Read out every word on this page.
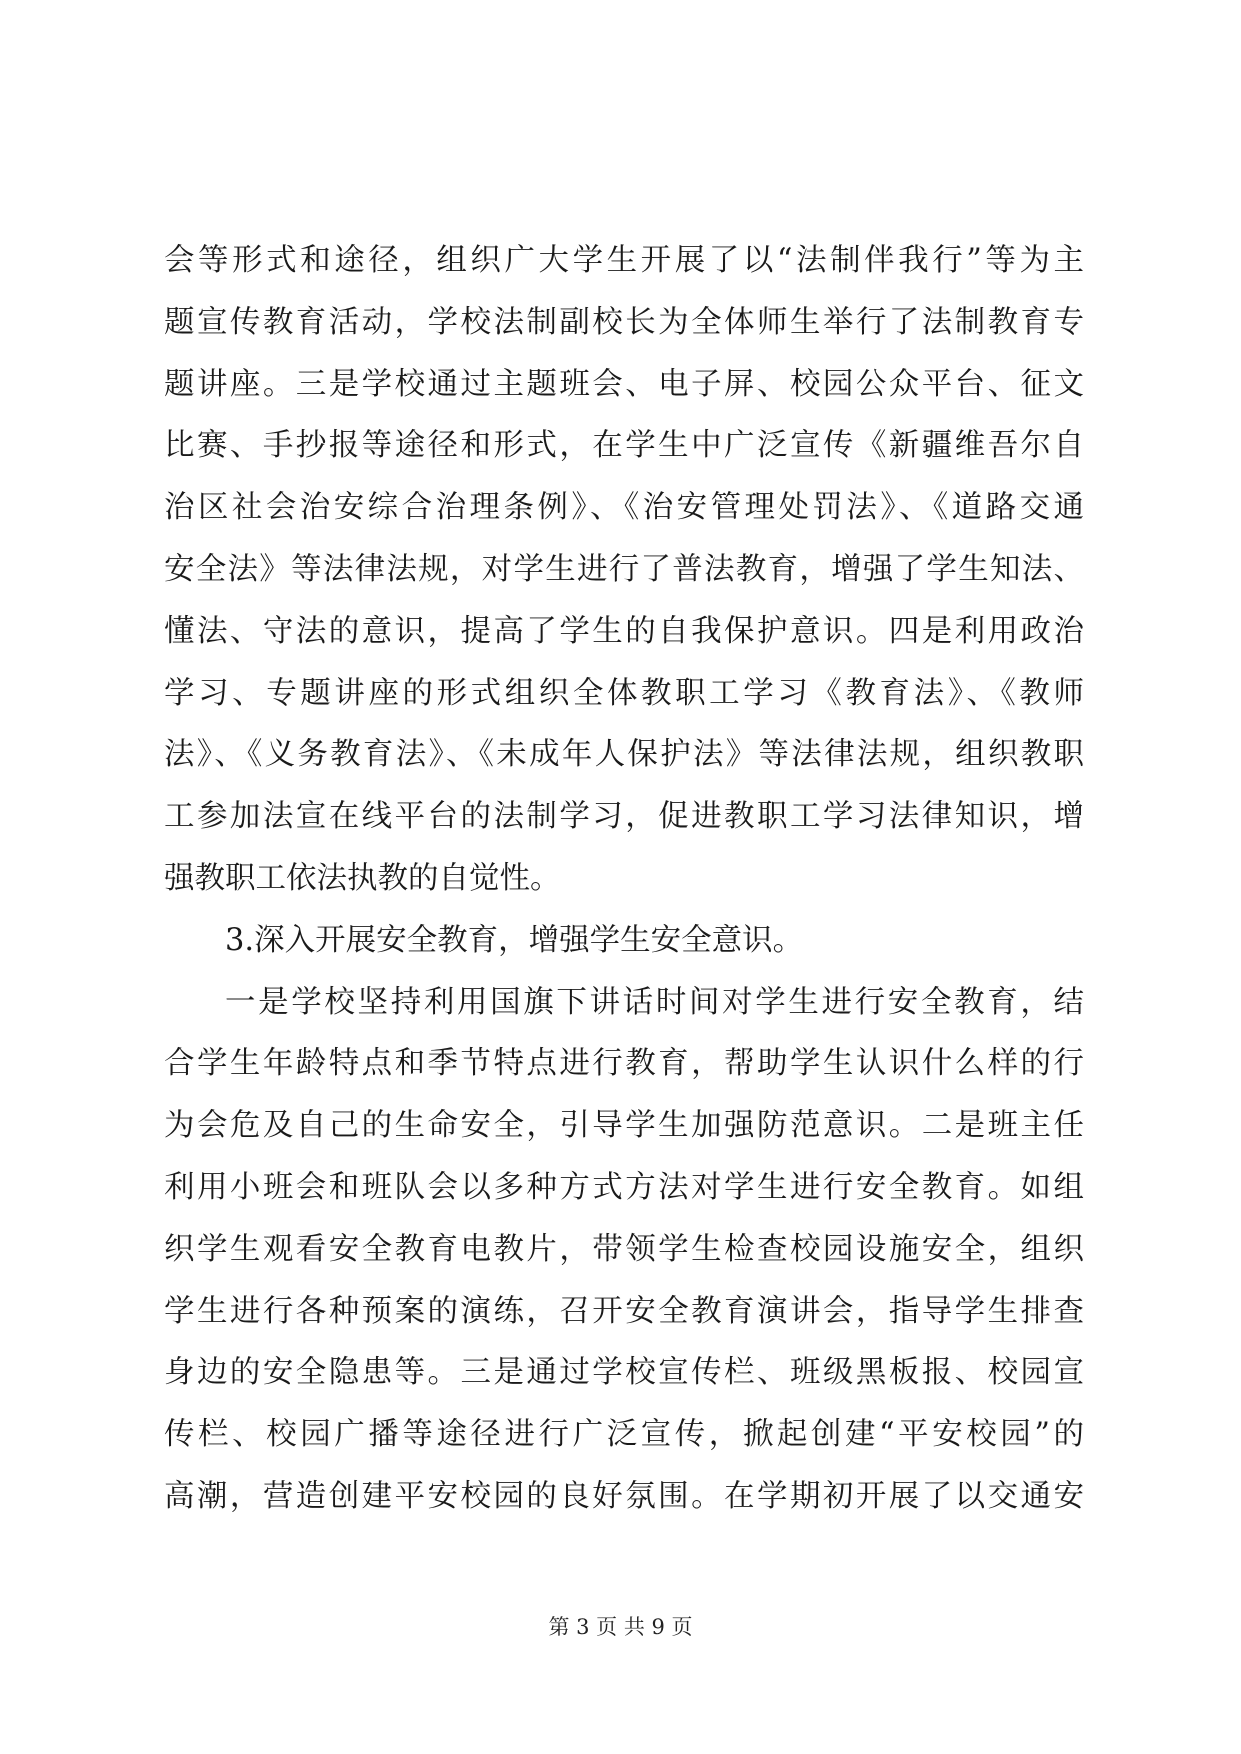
会等形式和途径，组织广大学生开展了以“法制伴我行”等为主
题宣传教育活动，学校法制副校长为全体师生举行了法制教育专
题讲座。三是学校通过主题班会、电子屏、校园公众平台、征文
比赛、手抄报等途径和形式，在学生中广泛宣传《新疆维吾尔自
治区社会治安综合治理条例》、《治安管理处罚法》、《道路交通
安全法》等法律法规，对学生进行了普法教育，增强了学生知法、
懂法、守法的意识，提高了学生的自我保护意识。四是利用政治
学习、专题讲座的形式组织全体教职工学习《教育法》、《教师
法》、《义务教育法》、《未成年人保护法》等法律法规，组织教职
工参加法宣在线平台的法制学习，促进教职工学习法律知识，增
强教职工依法执教的自觉性。
3.深入开展安全教育，增强学生安全意识。
一是学校坚持利用国旗下讲话时间对学生进行安全教育，结
合学生年龄特点和季节特点进行教育，帮助学生认识什么样的行
为会危及自己的生命安全，引导学生加强防范意识。二是班主任
利用小班会和班队会以多种方式方法对学生进行安全教育。如组
织学生观看安全教育电教片，带领学生检查校园设施安全，组织
学生进行各种预案的演练，召开安全教育演讲会，指导学生排查
身边的安全隐患等。三是通过学校宣传栏、班级黑板报、校园宣
传栏、校园广播等途径进行广泛宣传，掀起创建“平安校园”的
高潮，营造创建平安校园的良好氛围。在学期初开展了以交通安
第 3 页 共 9 页
